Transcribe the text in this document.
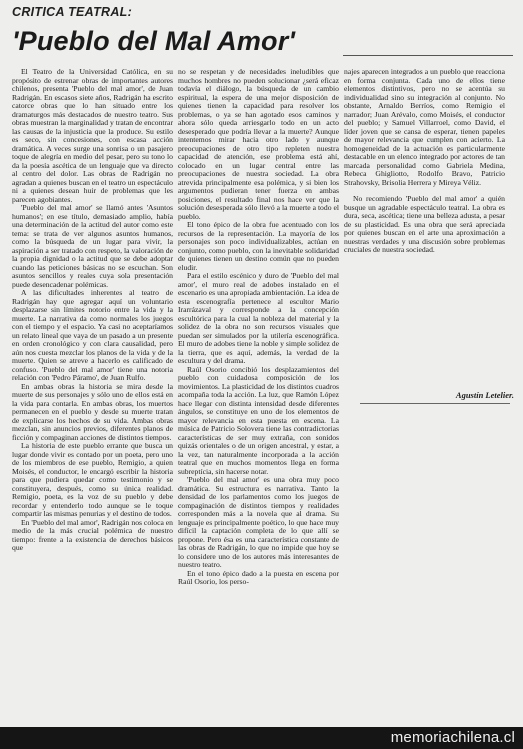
CRITICA TEATRAL:
'Pueblo del Mal Amor'

El Teatro de la Universidad Católica, en su propósito de estrenar obras de importantes autores chilenos, presenta 'Pueblo del mal amor', de Juan Radrigán. En escasos siete años, Radrigán ha escrito catorce obras que lo han situado entre los dramaturgos más destacados de nuestro teatro. Sus obras muestran la marginalidad y tratan de encontrar las causas de la injusticia que la produce. Su estilo es seco, sin concesiones, con escasa acción dramática. A veces surge una sonrisa o un pasajero toque de alegría en medio del pesar, pero su tono lo da la poesía ascética de un lenguaje que va directo al centro del dolor. Las obras de Radrigán no agradan a quienes buscan en el teatro un espectáculo ni a quienes desean huir de problemas que les parecen agobiantes.

'Pueblo del mal amor' se llamó antes 'Asuntos humanos'; en ese título, demasiado amplio, había una determinación de la actitud del autor como este tema: se trata de ver algunos asuntos humanos, como la búsqueda de un lugar para vivir, la aspiración a ser tratado con respeto, la valoración de la propia dignidad o la actitud que se debe adoptar cuando las peticiones básicas no se escuchan. Son asuntos sencillos y reales cuya sola presentación puede desencadenar polémicas.

A las dificultades inherentes al teatro de Radrigán hay que agregar aquí un voluntario desplazarse sin límites notorio entre la vida y la muerte. La narrativa da como normales los juegos con el tiempo y el espacio. Ya casi no aceptaríamos un relato lineal que vaya de un pasado a un presente en orden cronológico y con clara causalidad, pero aún nos cuesta mezclar los planos de la vida y de la muerte. Quien se atreve a hacerlo es calificado de confuso. 'Pueblo del mal amor' tiene una notoria relación con 'Pedro Páramo', de Juan Rulfo.

En ambas obras la historia se mira desde la muerte de sus personajes y sólo uno de ellos está en la vida para contarla. En ambas obras, los muertos permanecen en el pueblo y desde su muerte tratan de explicarse los hechos de su vida. Ambas obras mezclan, sin anuncios previos, diferentes planos de ficción y compaginan acciones de distintos tiempos.

La historia de este pueblo errante que busca un lugar donde vivir es contado por un poeta, pero uno de los miembros de ese pueblo, Remigio, a quien Moisés, el conductor, le encargó escribir la historia para que pudiera quedar como testimonio y se constituyera, después, como su única realidad. Remigio, poeta, es la voz de su pueblo y debe recordar y entenderlo todo aunque se le toque compartir las mismas penurias y el destino de todos.

En 'Pueblo del mal amor', Radrigán nos coloca en medio de la más crucial polémica de nuestro tiempo: frente a la existencia de derechos básicos que

no se respetan y de necesidades ineludibles que muchos hombres no pueden solucionar ¿será eficaz todavía el diálogo, la búsqueda de un cambio espiritual, la espera de una mejor disposición de quienes tienen la capacidad para resolver los problemas, o ya se han agotado esos caminos y ahora sólo queda arriesgarlo todo en un acto desesperado que podría llevar a la muerte? Aunque intentemos mirar hacia otro lado y aunque preocupaciones de otro tipo repleten nuestra capacidad de atención, ese problema está ahí, colocado en un lugar central entre las preocupaciones de nuestra sociedad. La obra atrevida principalmente esa polémica, y si bien los argumentos pudieran tener fuerza en ambas posiciones, el resultado final nos hace ver que la solución desesperada sólo llevó a la muerte a todo el pueblo.

El tono épico de la obra fue acentuado con los recursos de la representación. La mayoría de los personajes son poco individualizables, actúan en conjunto, como pueblo, con la inevitable solidaridad de quienes tienen un destino común que no pueden eludir.

Para el estilo escénico y duro de 'Pueblo del mal amor', el muro real de adobes instalado en el escenario es una apropiada ambientación. La idea de esta escenografía pertenece al escultor Mario Irarrázaval y corresponde a la concepción escultórica para la cual la nobleza del material y la solidez de la obra no son recursos visuales que puedan ser simulados por la utilería escenográfica. El muro de adobes tiene la noble y simple solidez de la tierra, que es aquí, además, la verdad de la escultura y del drama.

Raúl Osorio concibió los desplazamientos del pueblo con cuidadosa composición de los movimientos. La plasticidad de los distintos cuadros acompaña toda la acción. La luz, que Ramón López hace llegar con distinta intensidad desde diferentes ángulos, se constituye en uno de los elementos de mayor relevancia en esta puesta en escena. La música de Patricio Solovera tiene las contradictorias características de ser muy extraña, con sonidos quizás orientales o de un origen ancestral, y estar, a la vez, tan naturalmente incorporada a la acción teatral que en muchos momentos llega en forma subreptícia, sin hacerse notar.

'Pueblo del mal amor' es una obra muy poco dramática. Su estructura es narrativa. Tanto la densidad de los parlamentos como los juegos de compaginación de distintos tiempos y realidades corresponden más a la novela que al drama. Su lenguaje es principalmente poético, lo que hace muy difícil la captación completa de lo que allí se propone. Pero ésa es una característica constante de las obras de Radrigán, lo que no impide que hoy se lo considere uno de los autores más interesantes de nuestro teatro.

En el tono épico dado a la puesta en escena por Raúl Osorio, los perso-

najes aparecen integrados a un pueblo que reacciona en forma conjunta. Cada uno de ellos tiene elementos distintivos, pero no se acentúa su individualidad sino su integración al conjunto. No obstante, Arnaldo Berríos, como Remigio el narrador; Juan Arévalo, como Moisés, el conductor del pueblo; y Samuel Villarroel, como David, el líder joven que se cansa de esperar, tienen papeles de mayor relevancia que cumplen con acierto. La homogeneidad de la actuación es particularmente destacable en un elenco integrado por actores de tan marcada personalidad como Gabriela Medina, Rebeca Ghigliotto, Rodolfo Bravo, Patricio Strahovsky, Brisolia Herrera y Mireya Véliz.

No recomiendo 'Pueblo del mal amor' a quién busque un agradable espectáculo teatral. La obra es dura, seca, ascética; tiene una belleza adusta, a pesar de su plasticidad. Es una obra que será apreciada por quienes buscan en el arte una aproximación a nuestras verdades y una discusión sobre problemas cruciales de nuestra sociedad.

Agustín Letelier.
memoriachilena.cl
